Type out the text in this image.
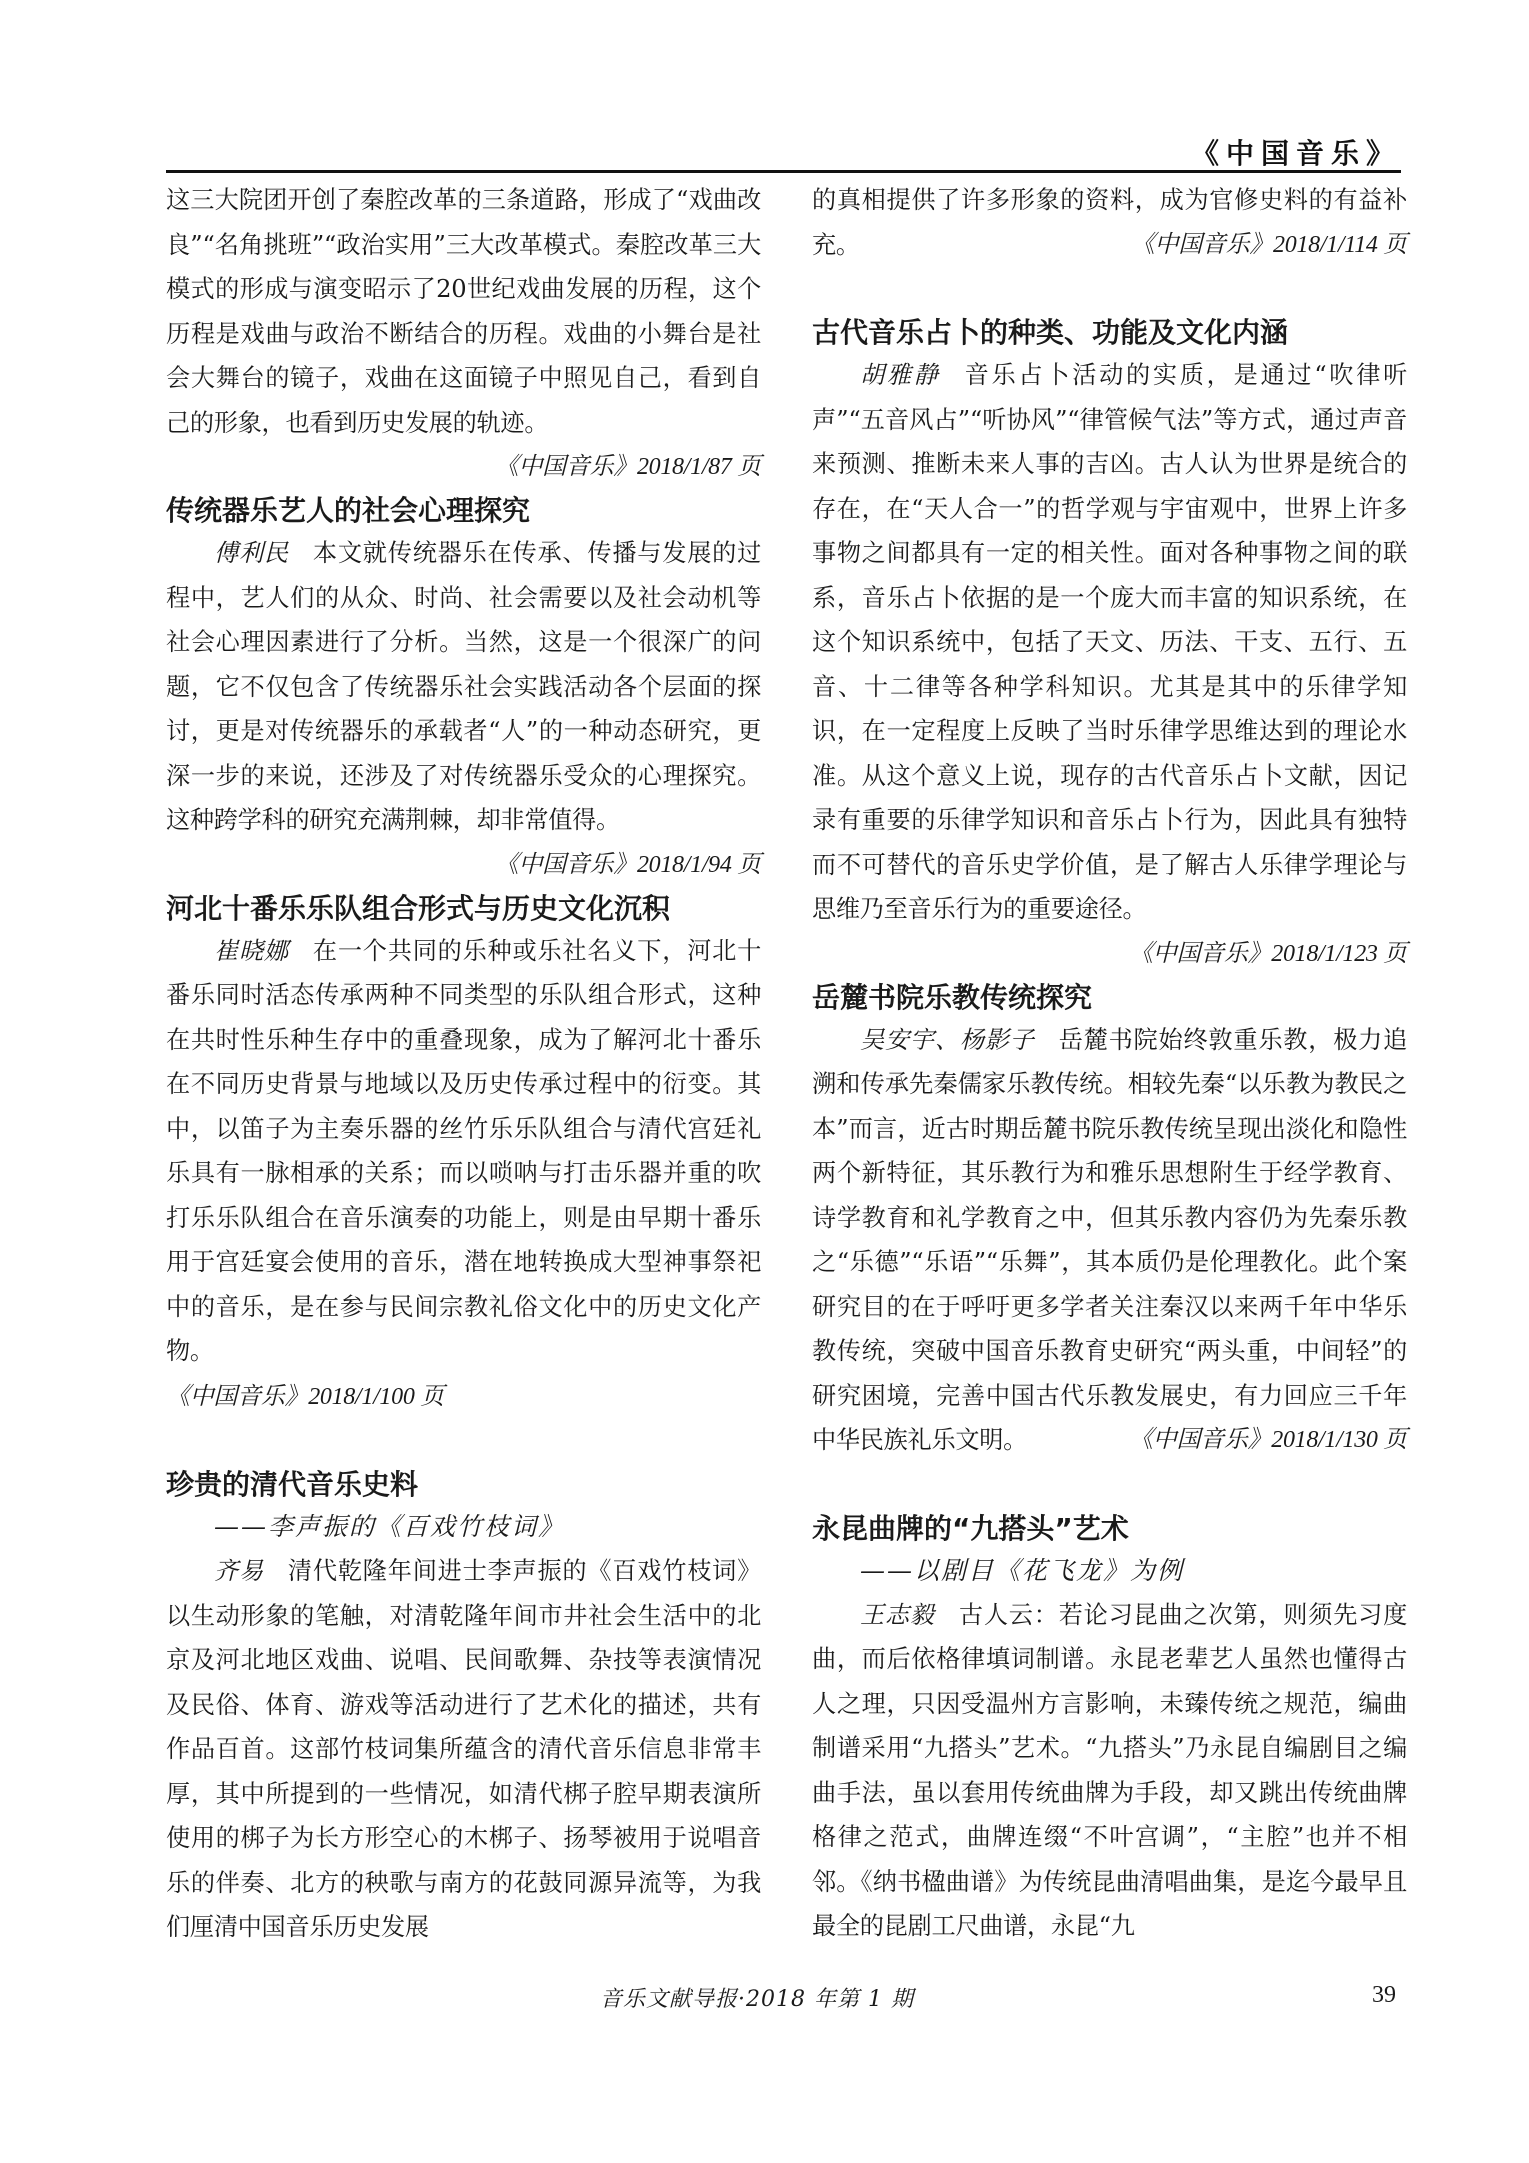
《中国音乐》

这三大院团开创了秦腔改革的三条道路，形成了“戏曲改良”“名角挑班”“政治实用”三大改革模式。秦腔改革三大模式的形成与演变昭示了20世纪戏曲发展的历程，这个历程是戏曲与政治不断结合的历程。戏曲的小舞台是社会大舞台的镜子，戏曲在这面镜子中照见自己，看到自己的形象，也看到历史发展的轨迹。
《中国音乐》2018/1/87 页

传统器乐艺人的社会心理探究

傅利民 本文就传统器乐在传承、传播与发展的过程中，艺人们的从众、时尚、社会需要以及社会动机等社会心理因素进行了分析。当然，这是一个很深广的问题，它不仅包含了传统器乐社会实践活动各个层面的探讨，更是对传统器乐的承载者“人”的一种动态研究，更深一步的来说，还涉及了对传统器乐受众的心理探究。这种跨学科的研究充满荆棘，却非常值得。
《中国音乐》2018/1/94 页

河北十番乐乐队组合形式与历史文化沉积

崔晓娜 在一个共同的乐种或乐社名义下，河北十番乐同时活态传承两种不同类型的乐队组合形式，这种在共时性乐种生存中的重叠现象，成为了解河北十番乐在不同历史背景与地域以及历史传承过程中的衍变。其中，以笛子为主奏乐器的丝竹乐乐队组合与清代宫廷礼乐具有一脉相承的关系；而以唢呐与打击乐器并重的吹打乐乐队组合在音乐演奏的功能上，则是由早期十番乐用于宫廷宴会使用的音乐，潜在地转换成大型神事祭祀中的音乐，是在参与民间宗教礼俗文化中的历史文化产物。

《中国音乐》2018/1/100 页

珍贵的清代音乐史料

——李声振的《百戏竹枝词》

齐易 清代乾隆年间进士李声振的《百戏竹枝词》以生动形象的笔触，对清乾隆年间市井社会生活中的北京及河北地区戏曲、说唱、民间歌舞、杂技等表演情况及民俗、体育、游戏等活动进行了艺术化的描述，共有作品百首。这部竹枝词集所蕴含的清代音乐信息非常丰厚，其中所提到的一些情况，如清代梆子腔早期表演所使用的梆子为长方形空心的木梆子、扬琴被用于说唱音乐的伴奏、北方的秧歌与南方的花鼓同源异流等，为我们厘清中国音乐历史发展

的真相提供了许多形象的资料，成为官修史料的有益补充。	《中国音乐》2018/1/114 页

古代音乐占卜的种类、功能及文化内涵

胡雅静 音乐占卜活动的实质，是通过“吹律听声”“五音风占”“听协风”“律管候气法”等方式，通过声音来预测、推断未来人事的吉凶。古人认为世界是统合的存在，在“天人合一”的哲学观与宇宙观中，世界上许多事物之间都具有一定的相关性。面对各种事物之间的联系，音乐占卜依据的是一个庞大而丰富的知识系统，在这个知识系统中，包括了天文、历法、干支、五行、五音、十二律等各种学科知识。尤其是其中的乐律学知识，在一定程度上反映了当时乐律学思维达到的理论水准。从这个意义上说，现存的古代音乐占卜文献，因记录有重要的乐律学知识和音乐占卜行为，因此具有独特而不可替代的音乐史学价值，是了解古人乐律学理论与思维乃至音乐行为的重要途径。
《中国音乐》2018/1/123 页

岳麓书院乐教传统探究

吴安宇、杨影子 岳麓书院始终敦重乐教，极力追溯和传承先秦儒家乐教传统。相较先秦“以乐教为教民之本”而言，近古时期岳麓书院乐教传统呈现出淡化和隐性两个新特征，其乐教行为和雅乐思想附生于经学教育、诗学教育和礼学教育之中，但其乐教内容仍为先秦乐教之“乐德”“乐语”“乐舞”，其本质仍是伦理教化。此个案研究目的在于呼吁更多学者关注秦汉以来两千年中华乐教传统，突破中国音乐教育史研究“两头重，中间轻”的研究困境，完善中国古代乐教发展史，有力回应三千年中华民族礼乐文明。	《中国音乐》2018/1/130 页

永昆曲牌的“九搭头”艺术

——以剧目《花飞龙》为例

王志毅 古人云：若论习昆曲之次第，则须先习度曲，而后依格律填词制谱。永昆老辈艺人虽然也懂得古人之理，只因受温州方言影响，未臻传统之规范，编曲制谱采用“九搭头”艺术。“九搭头”乃永昆自编剧目之编曲手法，虽以套用传统曲牌为手段，却又跳出传统曲牌格律之范式，曲牌连缀“不叶宫调”，“主腔”也并不相邻。《纳书楹曲谱》为传统昆曲清唱曲集，是迄今最早且最全的昆剧工尺曲谱，永昆“九

音乐文献导报·2018 年第 1 期	39
